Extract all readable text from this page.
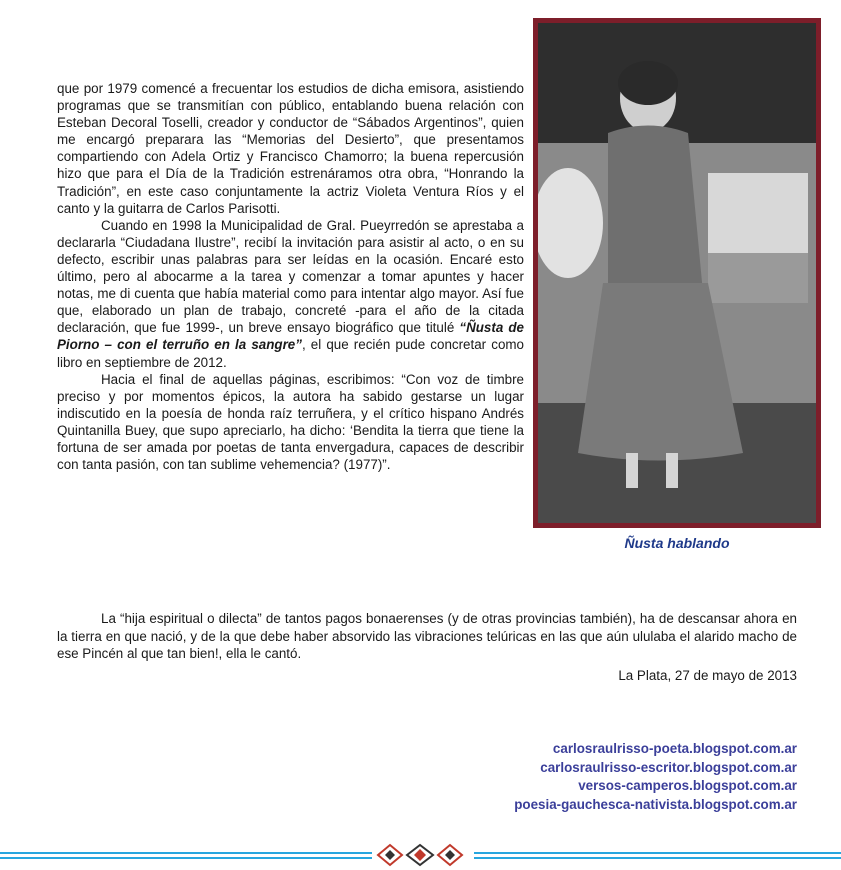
que por 1979 comencé a frecuentar los estudios de dicha emisora, asistiendo programas que se transmitían con público, entablando buena relación con Esteban Decoral Toselli, creador y conductor de “Sábados Argentinos”, quien me encargó preparara las “Memorias del Desierto”, que presentamos compartiendo con Adela Ortiz y Francisco Chamorro; la buena repercusión hizo que para el Día de la Tradición estrenáramos otra obra, “Honrando la Tradición”, en este caso conjuntamente la actriz Violeta Ventura Ríos y el canto y la guitarra de Carlos Parisotti.

Cuando en 1998 la Municipalidad de Gral. Pueyrredón se aprestaba a declararla “Ciudadana Ilustre”, recibí la invitación para asistir al acto, o en su defecto, escribir unas palabras para ser leídas en la ocasión. Encaré esto último, pero al abocarme a la tarea y comenzar a tomar apuntes y hacer notas, me di cuenta que había material como para intentar algo mayor. Así fue que, elaborado un plan de trabajo, concreté -para el año de la citada declaración, que fue 1999-, un breve ensayo biográfico que titulé “Ñusta de Piorno – con el terruño en la sangre”, el que recién pude concretar como libro en septiembre de 2012.

Hacia el final de aquellas páginas, escribimos: “Con voz de timbre preciso y por momentos épicos, la autora ha sabido gestarse un lugar indiscutido en la poesía de honda raíz terruñera, y el crítico hispano Andrés Quintanilla Buey, que supo apreciarlo, ha dicho: ‘Bendita la tierra que tiene la fortuna de ser amada por poetas de tanta envergadura, capaces de describir con tanta pasión, con tan sublime vehemencia? (1977)”.

Ñusta hablando

La “hija espiritual o dilecta” de tantos pagos bonaerenses (y de otras provincias también), ha de descansar ahora en la tierra en que nació, y de la que debe haber absorvido las vibraciones telúricas en las que aún ululaba el alarido macho de ese Pincén al que tan bien!, ella le cantó.

La Plata, 27 de mayo de 2013
carlosraulrisso-poeta.blogspot.com.ar
carlosraulrisso-escritor.blogspot.com.ar
versos-camperos.blogspot.com.ar
poesia-gauchesca-nativista.blogspot.com.ar
